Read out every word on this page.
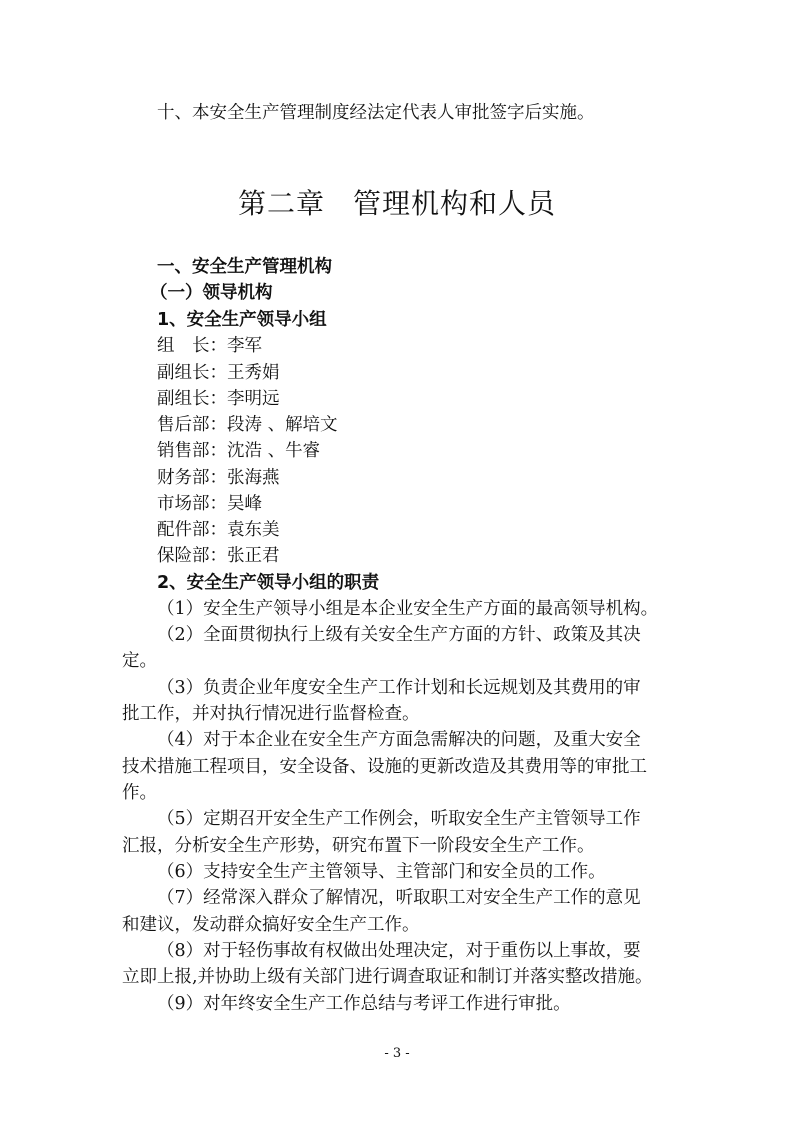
十、本安全生产管理制度经法定代表人审批签字后实施。
第二章 管理机构和人员
一、安全生产管理机构
（一）领导机构
1、安全生产领导小组
组　长：李军
副组长：王秀娟
副组长：李明远
售后部：段涛 、解培文
销售部：沈浩 、牛睿
财务部：张海燕
市场部：吴峰
配件部：袁东美
保险部：张正君
2、安全生产领导小组的职责
（1）安全生产领导小组是本企业安全生产方面的最高领导机构。
（2）全面贯彻执行上级有关安全生产方面的方针、政策及其决
定。
（3）负责企业年度安全生产工作计划和长远规划及其费用的审
批工作，并对执行情况进行监督检查。
（4）对于本企业在安全生产方面急需解决的问题，及重大安全
技术措施工程项目，安全设备、设施的更新改造及其费用等的审批工
作。
（5）定期召开安全生产工作例会，听取安全生产主管领导工作
汇报，分析安全生产形势，研究布置下一阶段安全生产工作。
（6）支持安全生产主管领导、主管部门和安全员的工作。
（7）经常深入群众了解情况，听取职工对安全生产工作的意见
和建议，发动群众搞好安全生产工作。
（8）对于轻伤事故有权做出处理决定，对于重伤以上事故，要
立即上报,并协助上级有关部门进行调查取证和制订并落实整改措施。
（9）对年终安全生产工作总结与考评工作进行审批。
- 3 -
